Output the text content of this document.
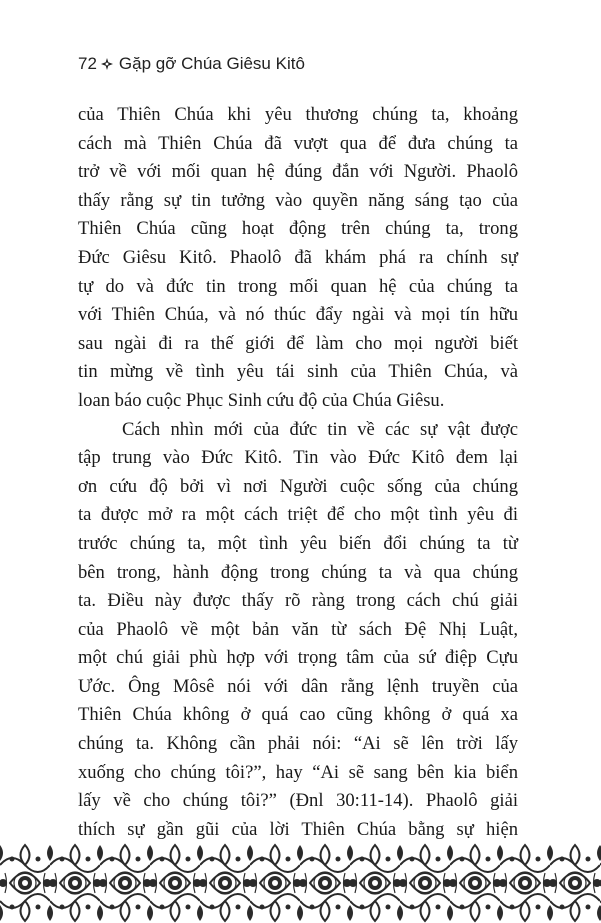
72 Gặp gỡ Chúa Giêsu Kitô
của Thiên Chúa khi yêu thương chúng ta, khoảng
cách mà Thiên Chúa đã vượt qua để đưa chúng ta
trở về với mối quan hệ đúng đắn với Người. Phaolô
thấy rằng sự tin tưởng vào quyền năng sáng tạo của
Thiên Chúa cũng hoạt động trên chúng ta, trong
Đức Giêsu Kitô. Phaolô đã khám phá ra chính sự
tự do và đức tin trong mối quan hệ của chúng ta
với Thiên Chúa, và nó thúc đẩy ngài và mọi tín hữu
sau ngài đi ra thế giới để làm cho mọi người biết
tin mừng về tình yêu tái sinh của Thiên Chúa, và
loan báo cuộc Phục Sinh cứu độ của Chúa Giêsu.
Cách nhìn mới của đức tin về các sự vật được
tập trung vào Đức Kitô. Tin vào Đức Kitô đem lại
ơn cứu độ bởi vì nơi Người cuộc sống của chúng
ta được mở ra một cách triệt để cho một tình yêu đi
trước chúng ta, một tình yêu biến đổi chúng ta từ
bên trong, hành động trong chúng ta và qua chúng
ta. Điều này được thấy rõ ràng trong cách chú giải
của Phaolô về một bản văn từ sách Đệ Nhị Luật,
một chú giải phù hợp với trọng tâm của sứ điệp Cựu
Ước. Ông Môsê nói với dân rằng lệnh truyền của
Thiên Chúa không ở quá cao cũng không ở quá xa
chúng ta. Không cần phải nói: “Ai sẽ lên trời lấy
xuống cho chúng tôi?”, hay “Ai sẽ sang bên kia biển
lấy về cho chúng tôi?” (Đnl 30:11-14). Phaolô giải
thích sự gần gũi của lời Thiên Chúa bằng sự hiện
